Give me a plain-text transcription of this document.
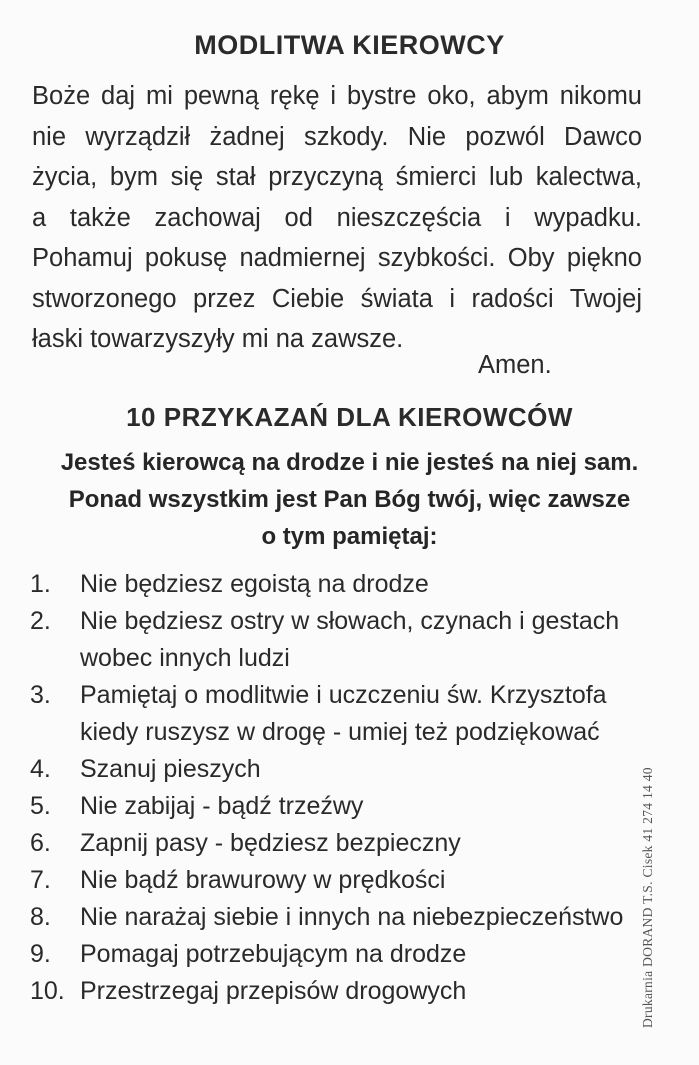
MODLITWA KIEROWCY
Boże daj mi pewną rękę i bystre oko, abym nikomu
nie wyrządził żadnej szkody. Nie pozwól Dawco
życia, bym się stał przyczyną śmierci lub kalectwa,
a także zachowaj od nieszczęścia i wypadku.
Pohamuj pokusę nadmiernej szybkości. Oby piękno
stworzonego przez Ciebie świata i radości Twojej
łaski towarzyszyły mi na zawsze.
Amen.
10 PRZYKAZAŃ DLA KIEROWCÓW
Jesteś kierowcą na drodze i nie jesteś na niej sam.
Ponad wszystkim jest Pan Bóg twój, więc zawsze
o tym pamiętaj:
1. Nie będziesz egoistą na drodze
2. Nie będziesz ostry w słowach, czynach i gestach
wobec innych ludzi
3. Pamiętaj o modlitwie i uczczeniu św. Krzysztofa
kiedy ruszysz w drogę - umiej też podziękować
4. Szanuj pieszych
5. Nie zabijaj - bądź trzeźwy
6. Zapnij pasy - będziesz bezpieczny
7. Nie bądź brawurowy w prędkości
8. Nie narażaj siebie i innych na niebezpieczeństwo
9. Pomagaj potrzebującym na drodze
10. Przestrzegaj przepisów drogowych	Drukarnia DORAND T.S. Cisek 41 274 14 40
